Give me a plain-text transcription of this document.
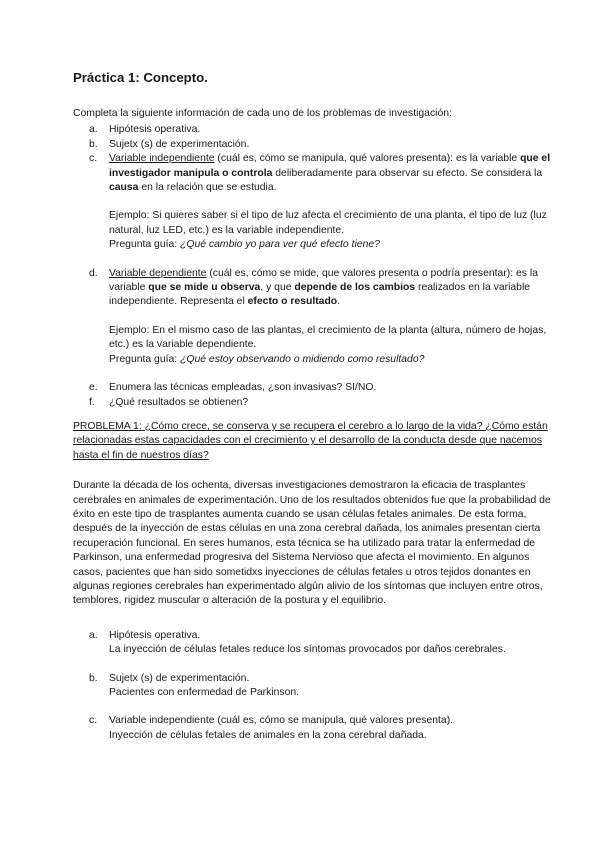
Práctica 1: Concepto.

Completa la siguiente información de cada uno de los problemas de investigación:

a. Hipótesis operativa.
b. Sujetx (s) de experimentación.
c. Variable independiente (cuál es, cómo se manipula, qué valores presenta): es la variable que el investigador manipula o controla deliberadamente para observar su efecto. Se considera la causa en la relación que se estudia.

Ejemplo: Si quieres saber si el tipo de luz afecta el crecimiento de una planta, el tipo de luz (luz natural, luz LED, etc.) es la variable independiente.

Pregunta guía: ¿Qué cambio yo para ver qué efecto tiene?

d. Variable dependiente (cuál es, cómo se mide, que valores presenta o podría presentar): es la variable que se mide u observa, y que depende de los cambios realizados en la variable independiente. Representa el efecto o resultado.

Ejemplo: En el mismo caso de las plantas, el crecimiento de la planta (altura, número de hojas, etc.) es la variable dependiente.

Pregunta guía: ¿Qué estoy observando o midiendo como resultado?

e. Enumera las técnicas empleadas, ¿son invasivas? SI/NO.
f. ¿Qué resultados se obtienen?

PROBLEMA 1: ¿Cómo crece, se conserva y se recupera el cerebro a lo largo de la vida? ¿Cómo están relacionadas estas capacidades con el crecimiento y el desarrollo de la conducta desde que nacemos hasta el fin de nuestros días?

Durante la década de los ochenta, diversas investigaciones demostraron la eficacia de trasplantes cerebrales en animales de experimentación. Uno de los resultados obtenidos fue que la probabilidad de éxito en este tipo de trasplantes aumenta cuando se usan células fetales animales. De esta forma, después de la inyección de estas células en una zona cerebral dañada, los animales presentan cierta recuperación funcional. En seres humanos, esta técnica se ha utilizado para tratar la enfermedad de Parkinson, una enfermedad progresiva del Sistema Nervioso que afecta el movimiento. En algunos casos, pacientes que han sido sometidxs inyecciones de células fetales u otros tejidos donantes en algunas regiones cerebrales han experimentado algún alivio de los síntomas que incluyen entre otros, temblores, rigidez muscular o alteración de la postura y el equilibrio.

a. Hipótesis operativa.

La inyección de células fetales reduce los síntomas provocados por daños cerebrales.

b. Sujetx (s) de experimentación.

Pacientes con enfermedad de Parkinson.

c. Variable independiente (cuál es, cómo se manipula, qué valores presenta).

Inyección de células fetales de animales en la zona cerebral dañada.
